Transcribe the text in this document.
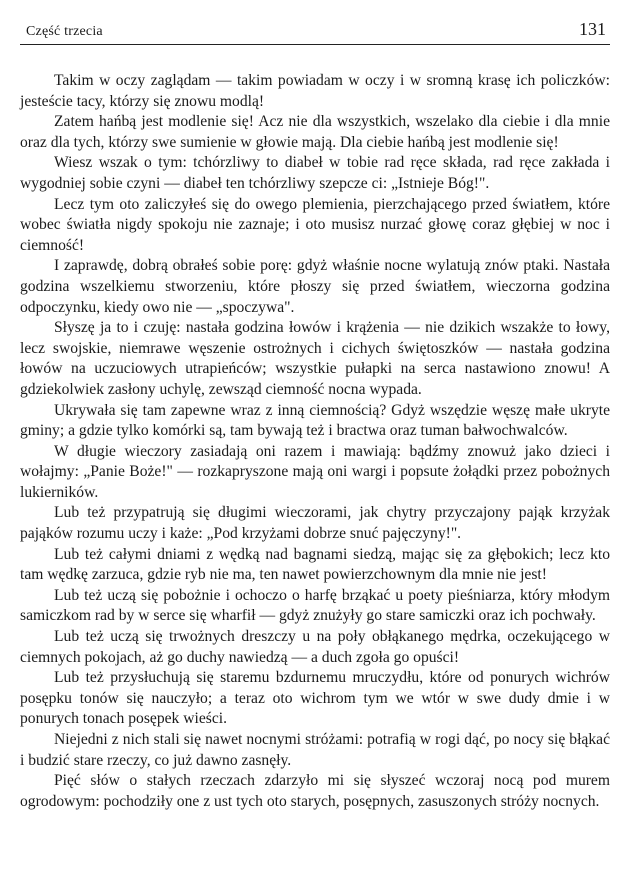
Część trzecia	131

Takim w oczy zaglądam — takim powiadam w oczy i w sromną krasę ich policzków: jesteście tacy, którzy się znowu modlą!

Zatem hańbą jest modlenie się! Acz nie dla wszystkich, wszelako dla ciebie i dla mnie oraz dla tych, którzy swe sumienie w głowie mają. Dla ciebie hańbą jest modlenie się!

Wiesz wszak o tym: tchórzliwy to diabeł w tobie rad ręce składa, rad ręce zakłada i wygodniej sobie czyni — diabeł ten tchórzliwy szepcze ci: „Istnieje Bóg!".

Lecz tym oto zaliczyłeś się do owego plemienia, pierzchającego przed światłem, które wobec światła nigdy spokoju nie zaznaje; i oto musisz nurzać głowę coraz głębiej w noc i ciemność!

I zaprawdę, dobrą obrałeś sobie porę: gdyż właśnie nocne wylatują znów ptaki. Nastała godzina wszelkiemu stworzeniu, które płoszy się przed światłem, wieczorna godzina odpoczynku, kiedy owo nie — „spoczywa".

Słyszę ja to i czuję: nastała godzina łowów i krążenia — nie dzikich wszakże to łowy, lecz swojskie, niemrawe węszenie ostrożnych i cichych świętoszków — nastała godzina łowów na uczuciowych utrapieńców; wszystkie pułapki na serca nastawiono znowu! A gdziekolwiek zasłony uchylę, zewsząd ciemność nocna wypada.

Ukrywała się tam zapewne wraz z inną ciemnością? Gdyż wszędzie węszę małe ukryte gminy; a gdzie tylko komórki są, tam bywają też i bractwa oraz tuman bałwochwalców.

W długie wieczory zasiadają oni razem i mawiają: bądźmy znowuż jako dzieci i wołajmy: „Panie Boże!" — rozkapryszone mają oni wargi i popsute żołądki przez pobożnych lukierników.

Lub też przypatrują się długimi wieczorami, jak chytry przyczajony pająk krzyżak pająków rozumu uczy i każe: „Pod krzyżami dobrze snuć pajęczyny!".

Lub też całymi dniami z wędką nad bagnami siedzą, mając się za głębokich; lecz kto tam wędkę zarzuca, gdzie ryb nie ma, ten nawet powierzchownym dla mnie nie jest!

Lub też uczą się pobożnie i ochoczo o harfę brząkać u poety pieśniarza, który młodym samiczkom rad by w serce się wharfił — gdyż znużyły go stare samiczki oraz ich pochwały.

Lub też uczą się trwożnych dreszczy u na poły obłąkanego mędrka, oczekującego w ciemnych pokojach, aż go duchy nawiedzą — a duch zgoła go opuści!

Lub też przysłuchują się staremu bzdurnemu mruczydłu, które od ponurych wichrów posępku tonów się nauczyło; a teraz oto wichrom tym we wtór w swe dudy dmie i w ponurych tonach posępek wieści.

Niejedni z nich stali się nawet nocnymi stróżami: potrafią w rogi dąć, po nocy się błąkać i budzić stare rzeczy, co już dawno zasnęły.

Pięć słów o stałych rzeczach zdarzyło mi się słyszeć wczoraj nocą pod murem ogrodowym: pochodziły one z ust tych oto starych, posępnych, zasuszonych stróży nocnych.
